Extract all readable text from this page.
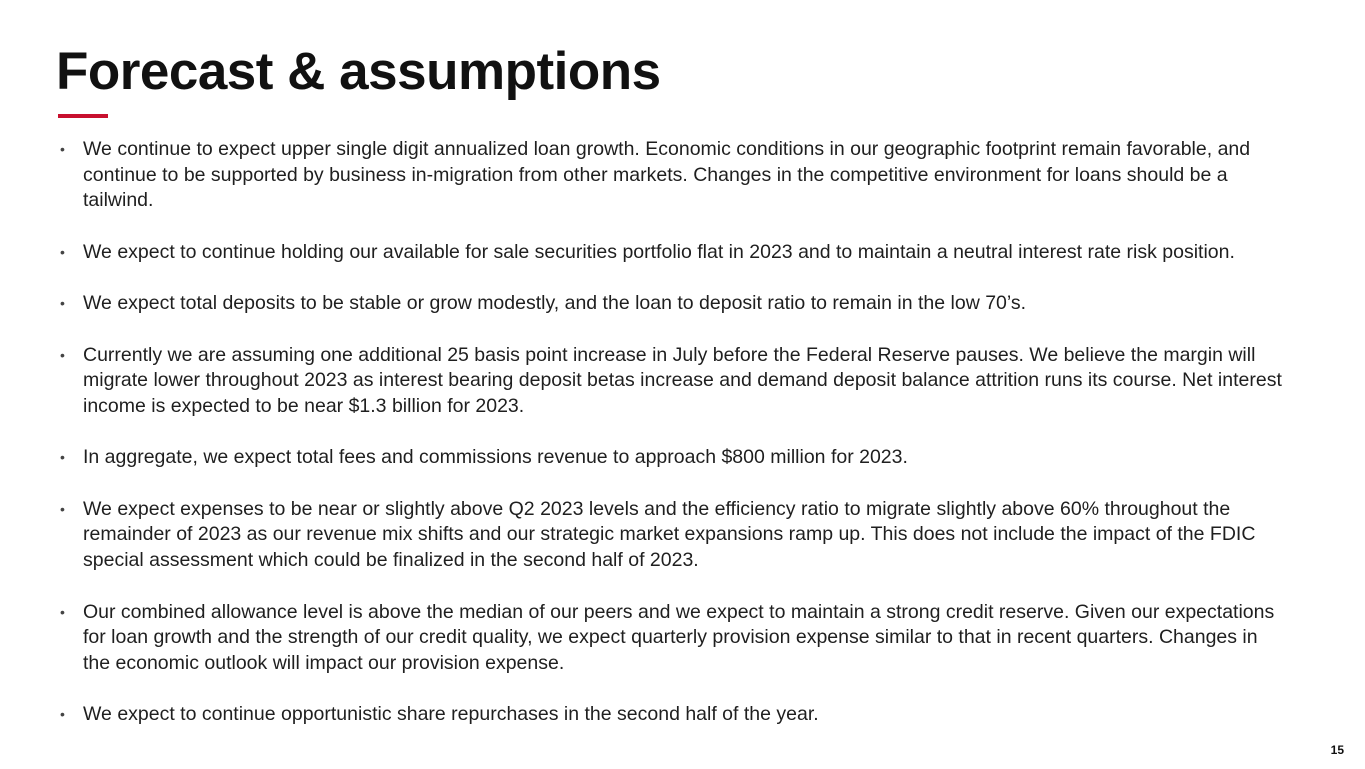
Forecast & assumptions
• We continue to expect upper single digit annualized loan growth. Economic conditions in our geographic footprint remain favorable, and continue to be supported by business in-migration from other markets. Changes in the competitive environment for loans should be a tailwind.
• We expect to continue holding our available for sale securities portfolio flat in 2023 and to maintain a neutral interest rate risk position.
• We expect total deposits to be stable or grow modestly, and the loan to deposit ratio to remain in the low 70’s.
• Currently we are assuming one additional 25 basis point increase in July before the Federal Reserve pauses. We believe the margin will migrate lower throughout 2023 as interest bearing deposit betas increase and demand deposit balance attrition runs its course. Net interest income is expected to be near $1.3 billion for 2023.
• In aggregate, we expect total fees and commissions revenue to approach $800 million for 2023.
• We expect expenses to be near or slightly above Q2 2023 levels and the efficiency ratio to migrate slightly above 60% throughout the remainder of 2023 as our revenue mix shifts and our strategic market expansions ramp up. This does not include the impact of the FDIC special assessment which could be finalized in the second half of 2023.
• Our combined allowance level is above the median of our peers and we expect to maintain a strong credit reserve. Given our expectations for loan growth and the strength of our credit quality, we expect quarterly provision expense similar to that in recent quarters. Changes in the economic outlook will impact our provision expense.
• We expect to continue opportunistic share repurchases in the second half of the year.
15
